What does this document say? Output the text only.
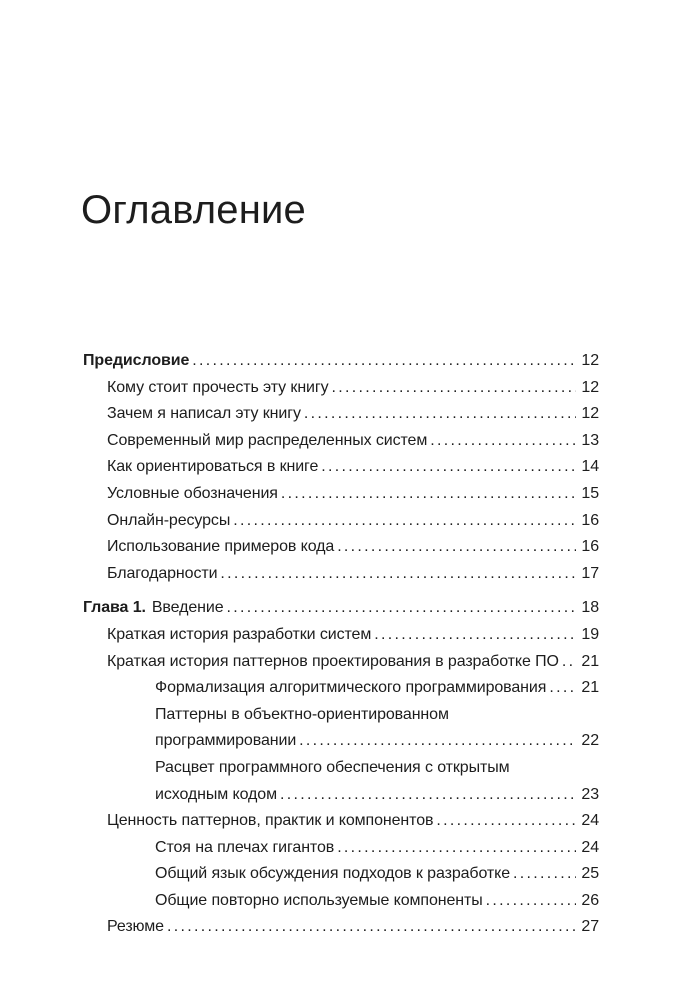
Оглавление
Предисловие .....	12
Кому стоит прочесть эту книгу .....	12
Зачем я написал эту книгу .....	12
Современный мир распределенных систем .....	13
Как ориентироваться в книге .....	14
Условные обозначения .....	15
Онлайн-ресурсы .....	16
Использование примеров кода .....	16
Благодарности .....	17
Глава 1. Введение .....	18
Краткая история разработки систем .....	19
Краткая история паттернов проектирования в разработке ПО .....	21
Формализация алгоритмического программирования .....	21
Паттерны в объектно-ориентированном
программировании .....	22
Расцвет программного обеспечения с открытым
исходным кодом .....	23
Ценность паттернов, практик и компонентов .....	24
Стоя на плечах гигантов .....	24
Общий язык обсуждения подходов к разработке .....	25
Общие повторно используемые компоненты .....	26
Резюме .....	27
